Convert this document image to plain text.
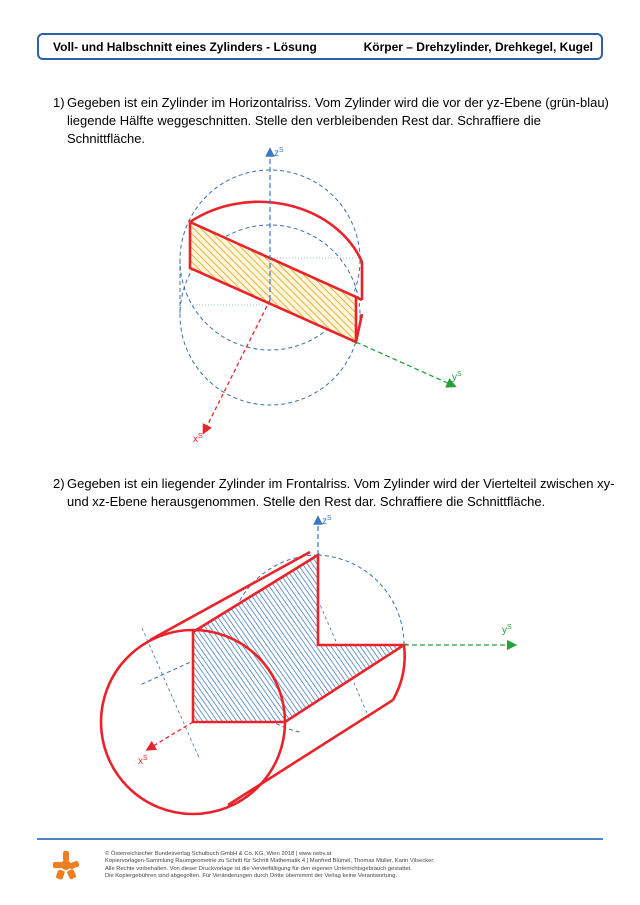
Voll- und Halbschnitt eines Zylinders - Lösung	Körper – Drehzylinder, Drehkegel, Kugel
1) Gegeben ist ein Zylinder im Horizontalriss. Vom Zylinder wird die vor der yz-Ebene (grün-blau) liegende Hälfte weggeschnitten. Stelle den verbleibenden Rest dar. Schraffiere die Schnittfläche.
2) Gegeben ist ein liegender Zylinder im Frontalriss. Vom Zylinder wird der Viertelteil zwischen xy- und xz-Ebene herausgenommen. Stelle den Rest dar. Schraffiere die Schnittfläche.
$z^S$
$y^S$
$x^S$
$z^S$
$y^S$
$x^S$
© Österreichischer Bundesverlag Schulbuch GmbH & Co. KG, Wien 2018 | www.oebv.at
Kopiervorlagen-Sammlung Raumgeometrie zu Schritt für Schritt Mathematik 4 | Manfred Blümel, Thomas Müller, Karin Vilsecker
Alle Rechte vorbehalten. Von dieser Druckvorlage ist die Vervielfältigung für den eigenen Unterrichtsgebrauch gestattet.
Die Kopiergebühren sind abgegolten. Für Veränderungen durch Dritte übernimmt der Verlag keine Verantwortung.
